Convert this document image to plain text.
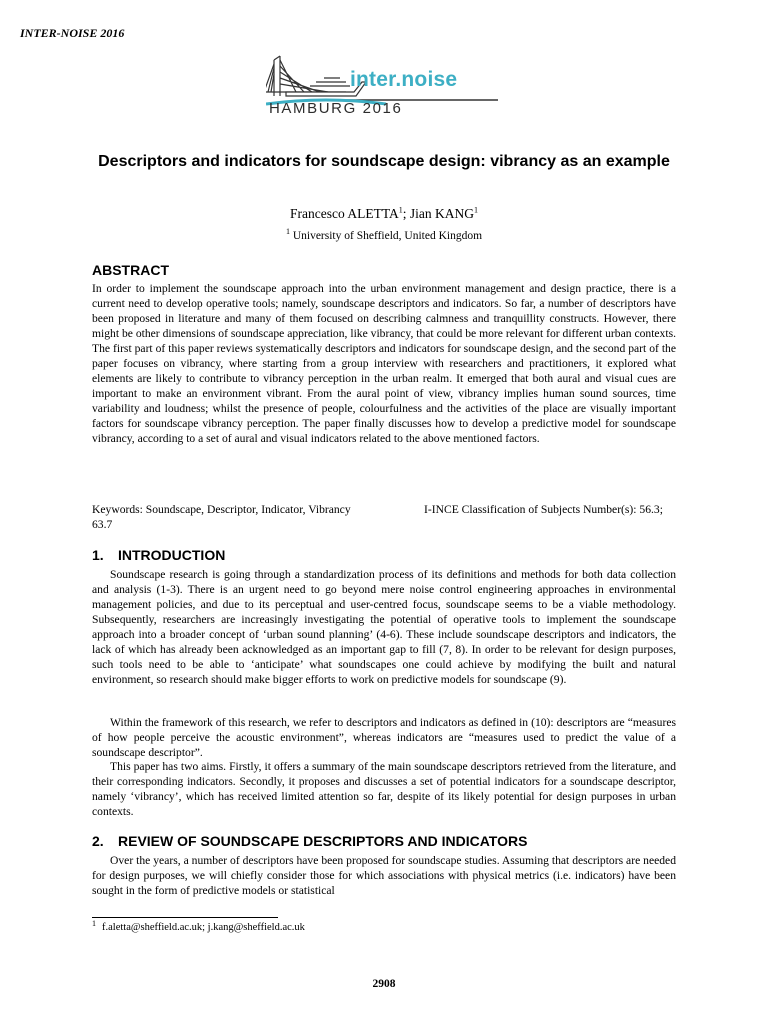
INTER-NOISE 2016
inter.noise
HAMBURG 2016
Descriptors and indicators for soundscape design: vibrancy as an example
Francesco ALETTA$^1$; Jian KANG$^1$
$^1$ University of Sheffield, United Kingdom
ABSTRACT

In order to implement the soundscape approach into the urban environment management and design practice, there is a current need to develop operative tools; namely, soundscape descriptors and indicators. So far, a number of descriptors have been proposed in literature and many of them focused on describing calmness and tranquillity constructs. However, there might be other dimensions of soundscape appreciation, like vibrancy, that could be more relevant for different urban contexts. The first part of this paper reviews systematically descriptors and indicators for soundscape design, and the second part of the paper focuses on vibrancy, where starting from a group interview with researchers and practitioners, it explored what elements are likely to contribute to vibrancy perception in the urban realm. It emerged that both aural and visual cues are important to make an environment vibrant. From the aural point of view, vibrancy implies human sound sources, time variability and loudness; whilst the presence of people, colourfulness and the activities of the place are visually important factors for soundscape vibrancy perception. The paper finally discusses how to develop a predictive model for soundscape vibrancy, according to a set of aural and visual indicators related to the above mentioned factors.

Keywords: Soundscape, Descriptor, Indicator, Vibrancy	I-INCE Classification of Subjects Number(s): 56.3; 63.7
1. INTRODUCTION

Soundscape research is going through a standardization process of its definitions and methods for both data collection and analysis (1-3). There is an urgent need to go beyond mere noise control engineering approaches in environmental management policies, and due to its perceptual and user-centred focus, soundscape seems to be a viable methodology. Subsequently, researchers are increasingly investigating the potential of operative tools to implement the soundscape approach into a broader concept of ‘urban sound planning’ (4-6). These include soundscape descriptors and indicators, the lack of which has already been acknowledged as an important gap to fill (7, 8). In order to be relevant for design purposes, such tools need to be able to ‘anticipate’ what soundscapes one could achieve by modifying the built and natural environment, so research should make bigger efforts to work on predictive models for soundscape (9).

Within the framework of this research, we refer to descriptors and indicators as defined in (10): descriptors are “measures of how people perceive the acoustic environment”, whereas indicators are “measures used to predict the value of a soundscape descriptor”.

This paper has two aims. Firstly, it offers a summary of the main soundscape descriptors retrieved from the literature, and their corresponding indicators. Secondly, it proposes and discusses a set of potential indicators for a soundscape descriptor, namely ‘vibrancy’, which has received limited attention so far, despite of its likely potential for design purposes in urban contexts.

2. REVIEW OF SOUNDSCAPE DESCRIPTORS AND INDICATORS

Over the years, a number of descriptors have been proposed for soundscape studies. Assuming that descriptors are needed for design purposes, we will chiefly consider those for which associations with physical metrics (i.e. indicators) have been sought in the form of predictive models or statistical

$^1$ f.aletta@sheffield.ac.uk; j.kang@sheffield.ac.uk
2908
